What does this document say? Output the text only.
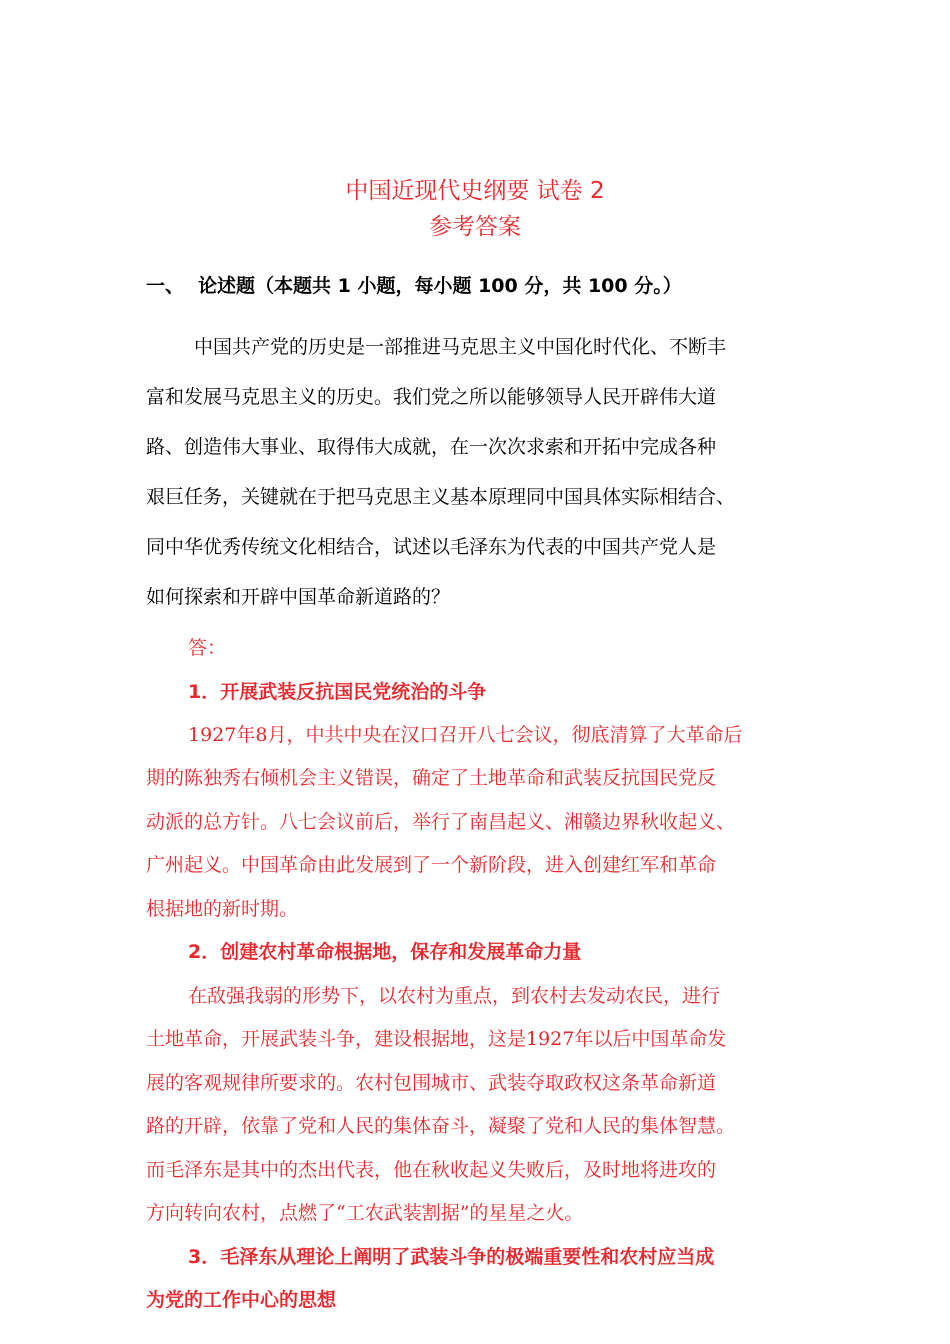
中国近现代史纲要 试卷 2
参考答案
一、 论述题（本题共 1 小题，每小题 100 分，共 100 分。）
中国共产党的历史是一部推进马克思主义中国化时代化、不断丰
富和发展马克思主义的历史。我们党之所以能够领导人民开辟伟大道
路、创造伟大事业、取得伟大成就，在一次次求索和开拓中完成各种
艰巨任务，关键就在于把马克思主义基本原理同中国具体实际相结合、
同中华优秀传统文化相结合，试述以毛泽东为代表的中国共产党人是
如何探索和开辟中国革命新道路的？
答：
1．开展武装反抗国民党统治的斗争
1927年8月，中共中央在汉口召开八七会议，彻底清算了大革命后
期的陈独秀右倾机会主义错误，确定了土地革命和武装反抗国民党反
动派的总方针。八七会议前后，举行了南昌起义、湘赣边界秋收起义、
广州起义。中国革命由此发展到了一个新阶段，进入创建红军和革命
根据地的新时期。
2．创建农村革命根据地，保存和发展革命力量
在敌强我弱的形势下，以农村为重点，到农村去发动农民，进行
土地革命，开展武装斗争，建设根据地，这是1927年以后中国革命发
展的客观规律所要求的。农村包围城市、武装夺取政权这条革命新道
路的开辟，依靠了党和人民的集体奋斗，凝聚了党和人民的集体智慧。
而毛泽东是其中的杰出代表，他在秋收起义失败后，及时地将进攻的
方向转向农村，点燃了“工农武装割据”的星星之火。
3．毛泽东从理论上阐明了武装斗争的极端重要性和农村应当成
为党的工作中心的思想
